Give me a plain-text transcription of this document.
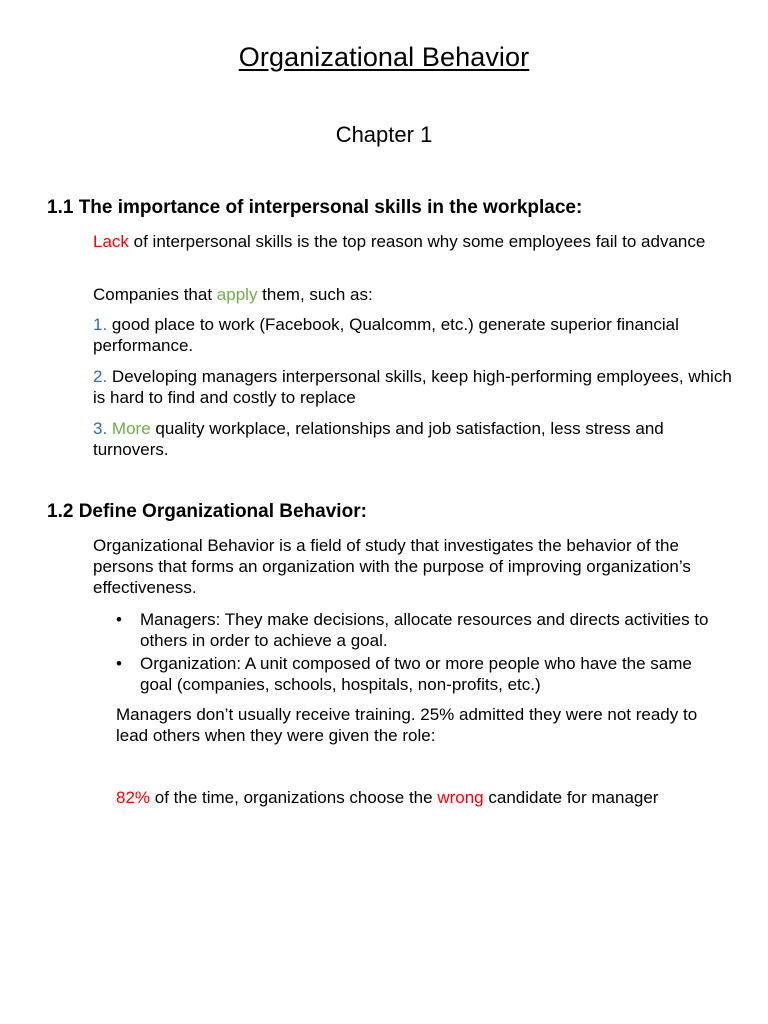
Organizational Behavior
Chapter 1
1.1 The importance of interpersonal skills in the workplace:
Lack of interpersonal skills is the top reason why some employees fail to advance
Companies that apply them, such as:
1. good place to work (Facebook, Qualcomm, etc.) generate superior financial performance.
2. Developing managers interpersonal skills, keep high-performing employees, which is hard to find and costly to replace
3. More quality workplace, relationships and job satisfaction, less stress and turnovers.
1.2 Define Organizational Behavior:
Organizational Behavior is a field of study that investigates the behavior of the persons that forms an organization with the purpose of improving organization’s effectiveness.
• Managers: They make decisions, allocate resources and directs activities to others in order to achieve a goal.
• Organization: A unit composed of two or more people who have the same goal (companies, schools, hospitals, non-profits, etc.)
Managers don’t usually receive training. 25% admitted they were not ready to lead others when they were given the role:
82% of the time, organizations choose the wrong candidate for manager
